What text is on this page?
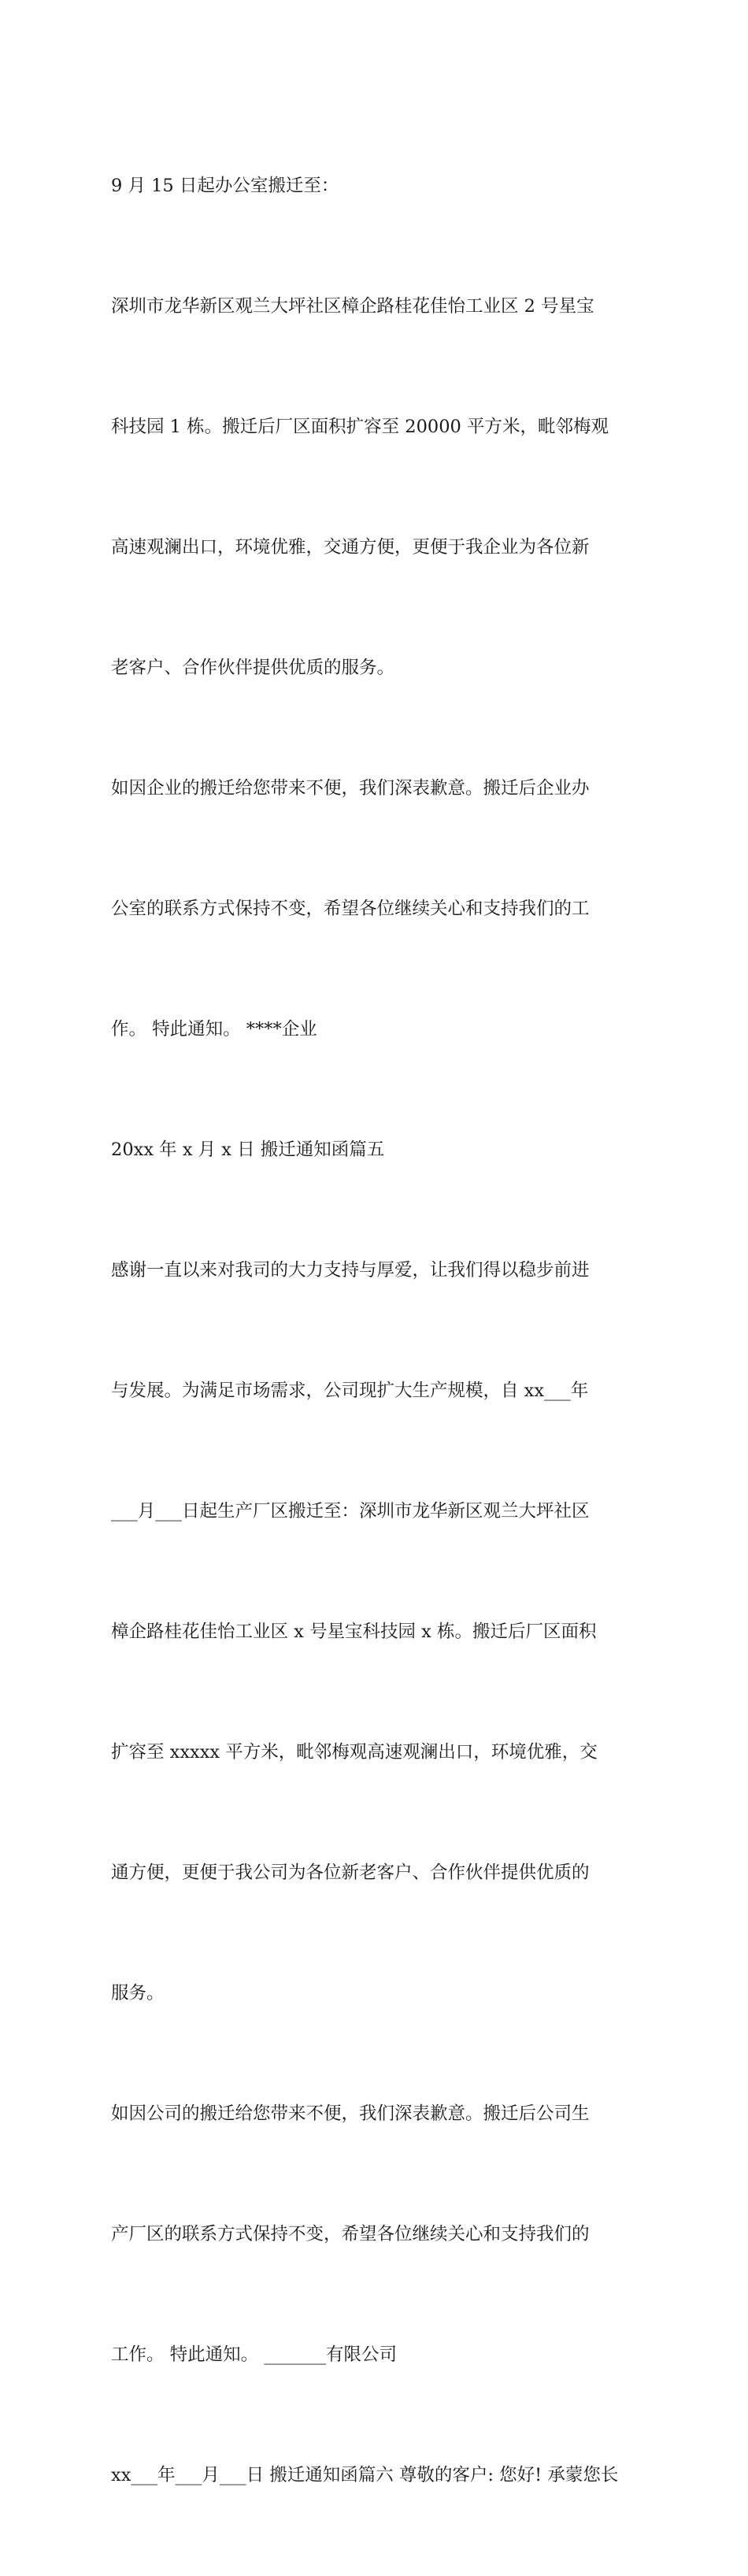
9 月 15 日起办公室搬迁至：

深圳市龙华新区观兰大坪社区樟企路桂花佳怡工业区 2 号星宝

科技园 1 栋。搬迁后厂区面积扩容至 20000 平方米，毗邻梅观

高速观澜出口，环境优雅，交通方便，更便于我企业为各位新

老客户、合作伙伴提供优质的服务。

如因企业的搬迁给您带来不便，我们深表歉意。搬迁后企业办

公室的联系方式保持不变，希望各位继续关心和支持我们的工

作。 特此通知。 ****企业

20xx 年 x 月 x 日 搬迁通知函篇五

感谢一直以来对我司的大力支持与厚爱，让我们得以稳步前进

与发展。为满足市场需求，公司现扩大生产规模，自 xx___年

___月___日起生产厂区搬迁至：深圳市龙华新区观兰大坪社区

樟企路桂花佳怡工业区 x 号星宝科技园 x 栋。搬迁后厂区面积

扩容至 xxxxx 平方米，毗邻梅观高速观澜出口，环境优雅，交

通方便，更便于我公司为各位新老客户、合作伙伴提供优质的

服务。

如因公司的搬迁给您带来不便，我们深表歉意。搬迁后公司生

产厂区的联系方式保持不变，希望各位继续关心和支持我们的

工作。 特此通知。 _______有限公司

xx___年___月___日 搬迁通知函篇六 尊敬的客户: 您好! 承蒙您长
